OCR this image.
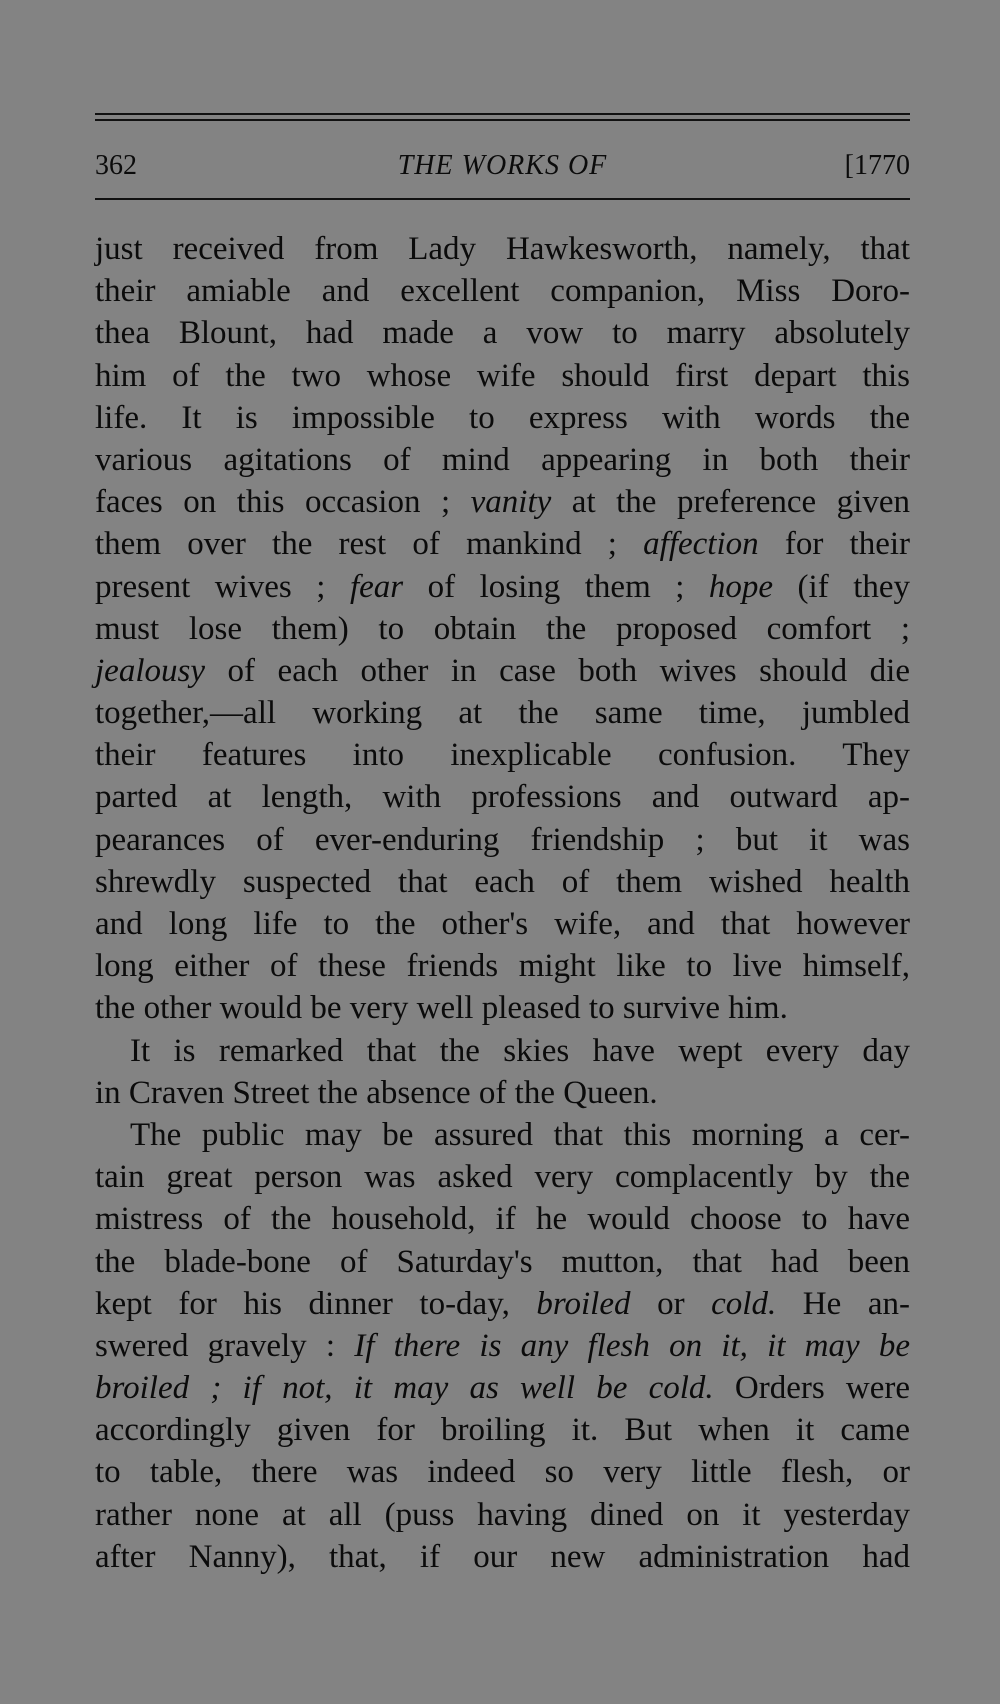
362	THE WORKS OF	[1770
just received from Lady Hawkesworth, namely, that
their amiable and excellent companion, Miss Doro-
thea Blount, had made a vow to marry absolutely
him of the two whose wife should first depart this
life. It is impossible to express with words the
various agitations of mind appearing in both their
faces on this occasion ; vanity at the preference given
them over the rest of mankind ; affection for their
present wives ; fear of losing them ; hope (if they
must lose them) to obtain the proposed comfort ;
jealousy of each other in case both wives should die
together,—all working at the same time, jumbled
their features into inexplicable confusion. They
parted at length, with professions and outward ap-
pearances of ever-enduring friendship ; but it was
shrewdly suspected that each of them wished health
and long life to the other's wife, and that however
long either of these friends might like to live himself,
the other would be very well pleased to survive him.
It is remarked that the skies have wept every day
in Craven Street the absence of the Queen.
The public may be assured that this morning a cer-
tain great person was asked very complacently by the
mistress of the household, if he would choose to have
the blade-bone of Saturday's mutton, that had been
kept for his dinner to-day, broiled or cold. He an-
swered gravely : If there is any flesh on it, it may be
broiled ; if not, it may as well be cold. Orders were
accordingly given for broiling it. But when it came
to table, there was indeed so very little flesh, or
rather none at all (puss having dined on it yesterday
after Nanny), that, if our new administration had
